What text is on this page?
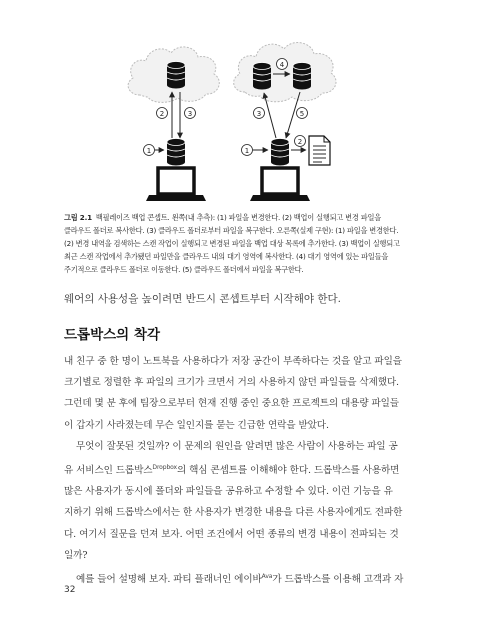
2	3
1
4
3	5
1
2
그림 2.1 백필레이즈 백업 콘셉트. 왼쪽(내 추측): (1) 파일을 변경한다. (2) 백업이 실행되고 변경 파일을
클라우드 폴더로 복사한다. (3) 클라우드 폴더로부터 파일을 복구한다. 오른쪽(실제 구현): (1) 파일을 변경한다.
(2) 변경 내역을 검색하는 스캔 작업이 실행되고 변경된 파일을 백업 대상 목록에 추가한다. (3) 백업이 실행되고
최근 스캔 작업에서 추가됐던 파일만을 클라우드 내의 대기 영역에 복사한다. (4) 대기 영역에 있는 파일들을
주기적으로 클라우드 폴더로 이동한다. (5) 클라우드 폴더에서 파일을 복구한다.
웨어의 사용성을 높이려면 반드시 콘셉트부터 시작해야 한다.
드롭박스의 착각

내 친구 중 한 명이 노트북을 사용하다가 저장 공간이 부족하다는 것을 알고 파일을
크기별로 정렬한 후 파일의 크기가 크면서 거의 사용하지 않던 파일들을 삭제했다.
그런데 몇 분 후에 팀장으로부터 현재 진행 중인 중요한 프로젝트의 대용량 파일들
이 갑자기 사라졌는데 무슨 일인지를 묻는 긴급한 연락을 받았다.

무엇이 잘못된 것일까? 이 문제의 원인을 알려면 많은 사람이 사용하는 파일 공
유 서비스인 드롭박스$^{Dropbox}$의 핵심 콘셉트를 이해해야 한다. 드롭박스를 사용하면
많은 사용자가 동시에 폴더와 파일들을 공유하고 수정할 수 있다. 이런 기능을 유
지하기 위해 드롭박스에서는 한 사용자가 변경한 내용을 다른 사용자에게도 전파한
다. 여기서 질문을 던져 보자. 어떤 조건에서 어떤 종류의 변경 내용이 전파되는 것
일까?

예를 들어 설명해 보자. 파티 플래너인 에이바$^{Ava}$가 드롭박스를 이용해 고객과 자

32
